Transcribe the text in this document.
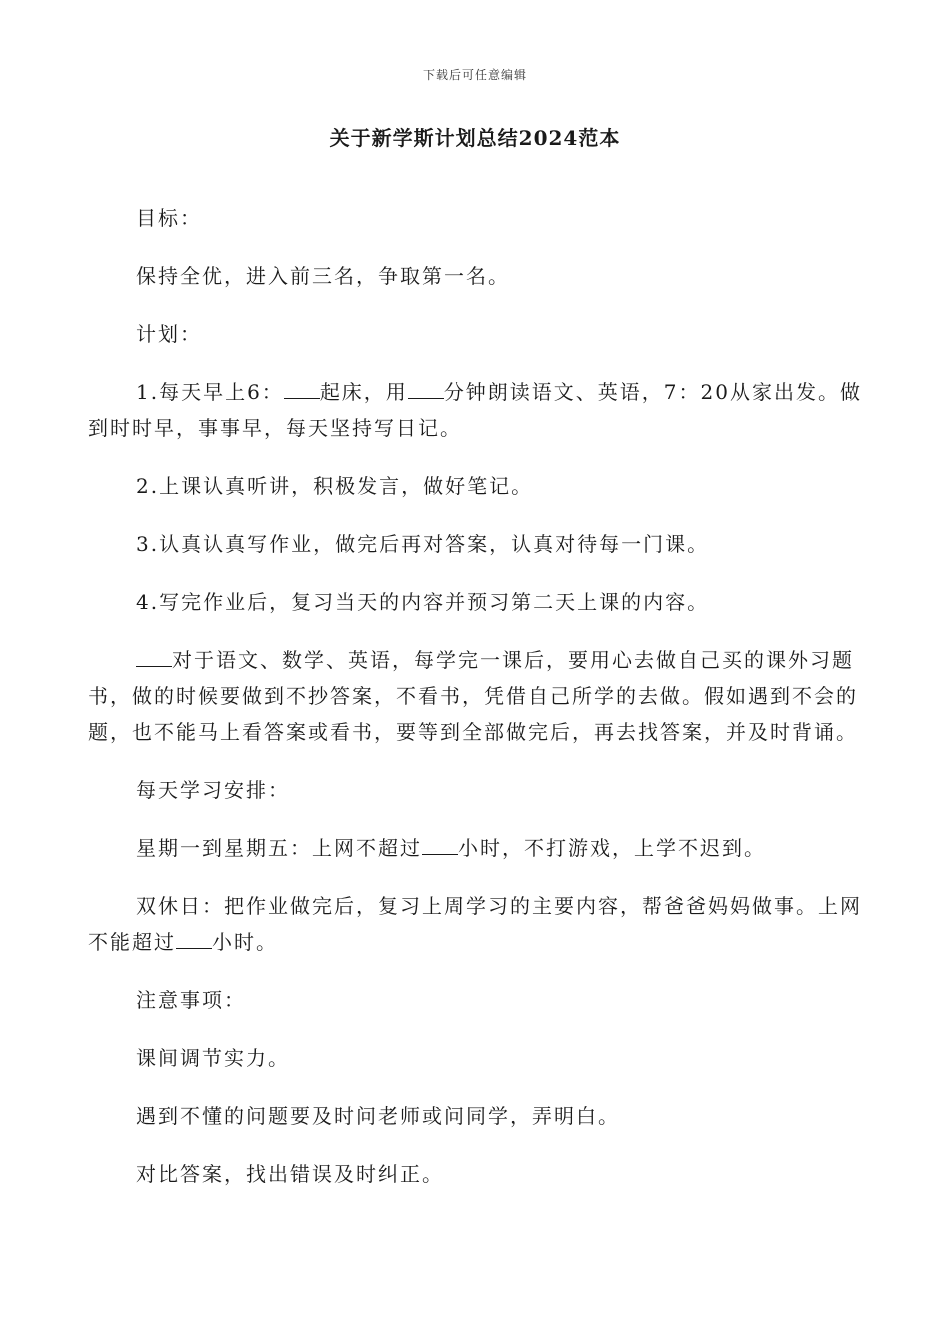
下载后可任意编辑
关于新学斯计划总结2024范本

目标：

保持全优，进入前三名，争取第一名。

计划：

1.每天早上6： 起床，用 分钟朗读语文、英语，7：20从家出发。做到时时早，事事早，每天坚持写日记。

2.上课认真听讲，积极发言，做好笔记。

3.认真认真写作业，做完后再对答案，认真对待每一门课。

4.写完作业后，复习当天的内容并预习第二天上课的内容。

对于语文、数学、英语，每学完一课后，要用心去做自己买的课外习题书，做的时候要做到不抄答案，不看书，凭借自己所学的去做。假如遇到不会的题，也不能马上看答案或看书，要等到全部做完后，再去找答案，并及时背诵。

每天学习安排：

星期一到星期五：上网不超过 小时，不打游戏，上学不迟到。

双休日：把作业做完后，复习上周学习的主要内容，帮爸爸妈妈做事。上网不能超过 小时。

注意事项：

课间调节实力。

遇到不懂的问题要及时问老师或问同学，弄明白。

对比答案，找出错误及时纠正。
